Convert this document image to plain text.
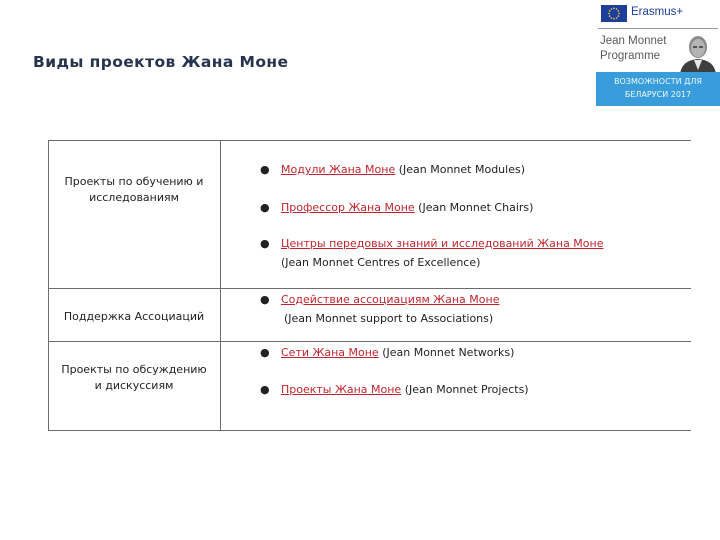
Виды проектов Жана Моне
Erasmus+
Jean Monnet
Programme
ВОЗМОЖНОСТИ ДЛЯ
БЕЛАРУСИ 2017
Проекты по обучению и
исследованиям
Поддержка Ассоциаций
Проекты по обсуждению
и дискуссиям
● Модули Жана Моне (Jean Monnet Modules)
● Профессор Жана Моне (Jean Monnet Chairs)
● Центры передовых знаний и исследований Жана Моне
(Jean Monnet Centres of Excellence)
● Содействие ассоциациям Жана Моне
(Jean Monnet support to Associations)
● Сети Жана Моне (Jean Monnet Networks)
● Проекты Жана Моне (Jean Monnet Projects)
